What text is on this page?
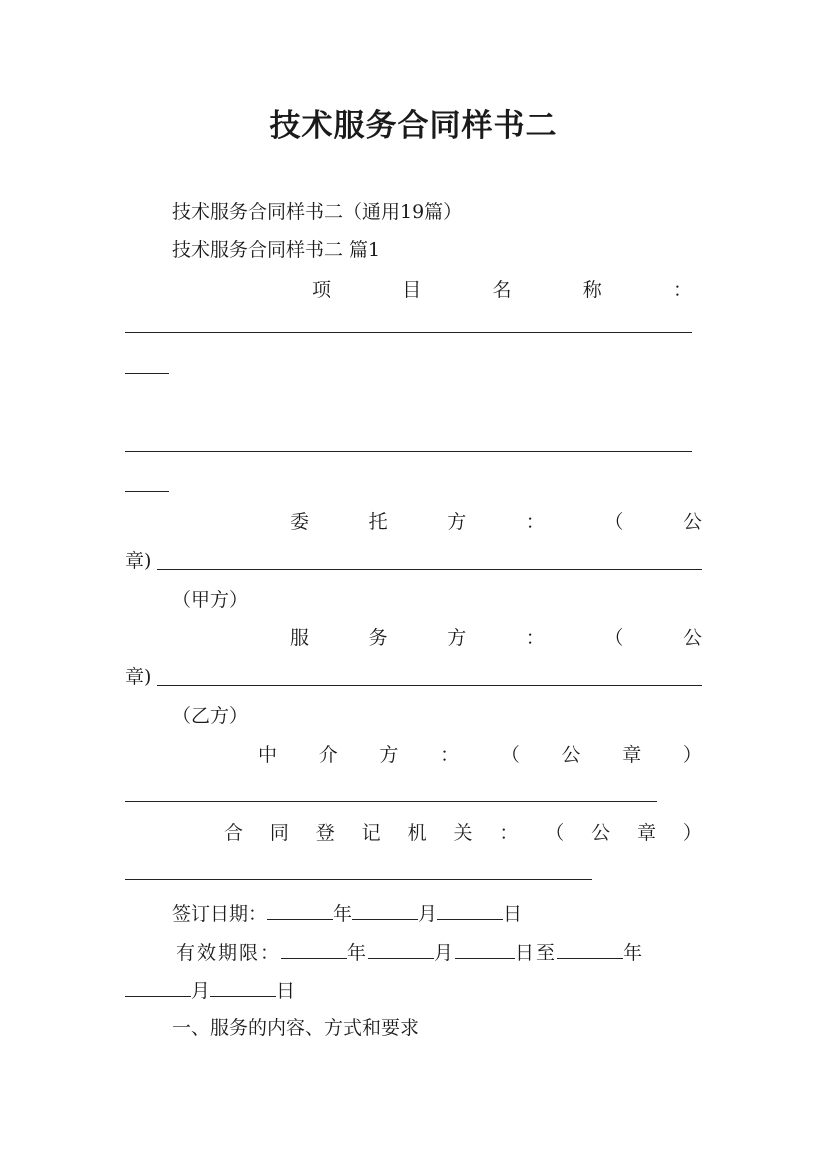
技术服务合同样书二
技术服务合同样书二（通用19篇）
技术服务合同样书二 篇1
项	目	名	称	：
委	托	方	：	（	公
章)
（甲方）
服	务	方	：	（	公
章)
（乙方）
中 介 方 ： （ 公 章 ）
合 同 登 记 机 关 ： （ 公 章 ）
签订日期：	年	月	日
有效期限：	年	月	日至	年
月	日
一、服务的内容、方式和要求
